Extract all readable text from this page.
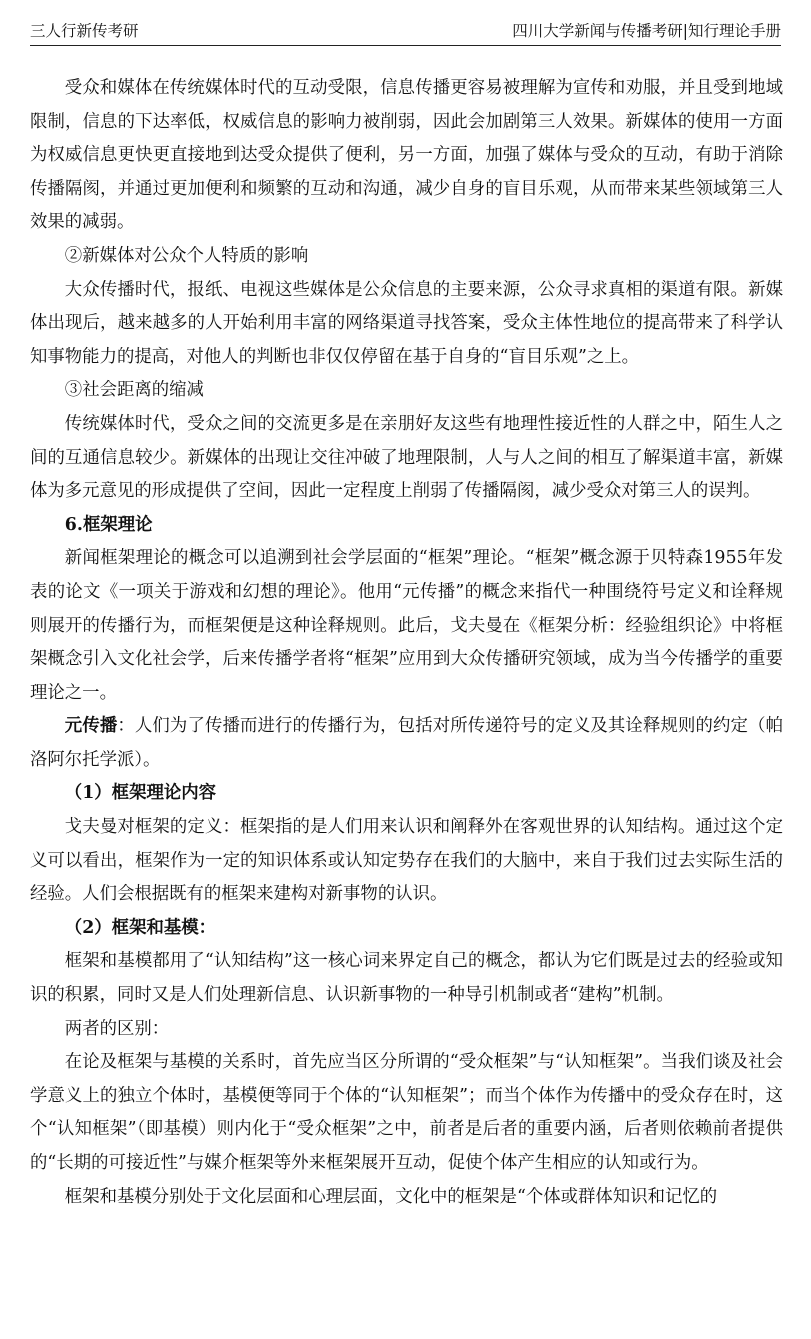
三人行新传考研	四川大学新闻与传播考研|知行理论手册

受众和媒体在传统媒体时代的互动受限，信息传播更容易被理解为宣传和劝服，并且受到地域限制，信息的下达率低，权威信息的影响力被削弱，因此会加剧第三人效果。新媒体的使用一方面为权威信息更快更直接地到达受众提供了便利，另一方面，加强了媒体与受众的互动，有助于消除传播隔阂，并通过更加便利和频繁的互动和沟通，减少自身的盲目乐观，从而带来某些领域第三人效果的减弱。

②新媒体对公众个人特质的影响

大众传播时代，报纸、电视这些媒体是公众信息的主要来源，公众寻求真相的渠道有限。新媒体出现后，越来越多的人开始利用丰富的网络渠道寻找答案，受众主体性地位的提高带来了科学认知事物能力的提高，对他人的判断也非仅仅停留在基于自身的“盲目乐观”之上。

③社会距离的缩减

传统媒体时代，受众之间的交流更多是在亲朋好友这些有地理性接近性的人群之中，陌生人之间的互通信息较少。新媒体的出现让交往冲破了地理限制，人与人之间的相互了解渠道丰富，新媒体为多元意见的形成提供了空间，因此一定程度上削弱了传播隔阂，减少受众对第三人的误判。

6.框架理论

新闻框架理论的概念可以追溯到社会学层面的“框架”理论。“框架”概念源于贝特森1955年发表的论文《一项关于游戏和幻想的理论》。他用“元传播”的概念来指代一种围绕符号定义和诠释规则展开的传播行为，而框架便是这种诠释规则。此后，戈夫曼在《框架分析：经验组织论》中将框架概念引入文化社会学，后来传播学者将“框架”应用到大众传播研究领域，成为当今传播学的重要理论之一。

元传播：人们为了传播而进行的传播行为，包括对所传递符号的定义及其诠释规则的约定（帕洛阿尔托学派）。

（1）框架理论内容

戈夫曼对框架的定义：框架指的是人们用来认识和阐释外在客观世界的认知结构。通过这个定义可以看出，框架作为一定的知识体系或认知定势存在我们的大脑中，来自于我们过去实际生活的经验。人们会根据既有的框架来建构对新事物的认识。

（2）框架和基模：

框架和基模都用了“认知结构”这一核心词来界定自己的概念，都认为它们既是过去的经验或知识的积累，同时又是人们处理新信息、认识新事物的一种导引机制或者“建构”机制。

两者的区别：

在论及框架与基模的关系时，首先应当区分所谓的“受众框架”与“认知框架”。当我们谈及社会学意义上的独立个体时，基模便等同于个体的“认知框架”；而当个体作为传播中的受众存在时，这个“认知框架”（即基模）则内化于“受众框架”之中，前者是后者的重要内涵，后者则依赖前者提供的“长期的可接近性”与媒介框架等外来框架展开互动，促使个体产生相应的认知或行为。

框架和基模分别处于文化层面和心理层面，文化中的框架是“个体或群体知识和记忆的
